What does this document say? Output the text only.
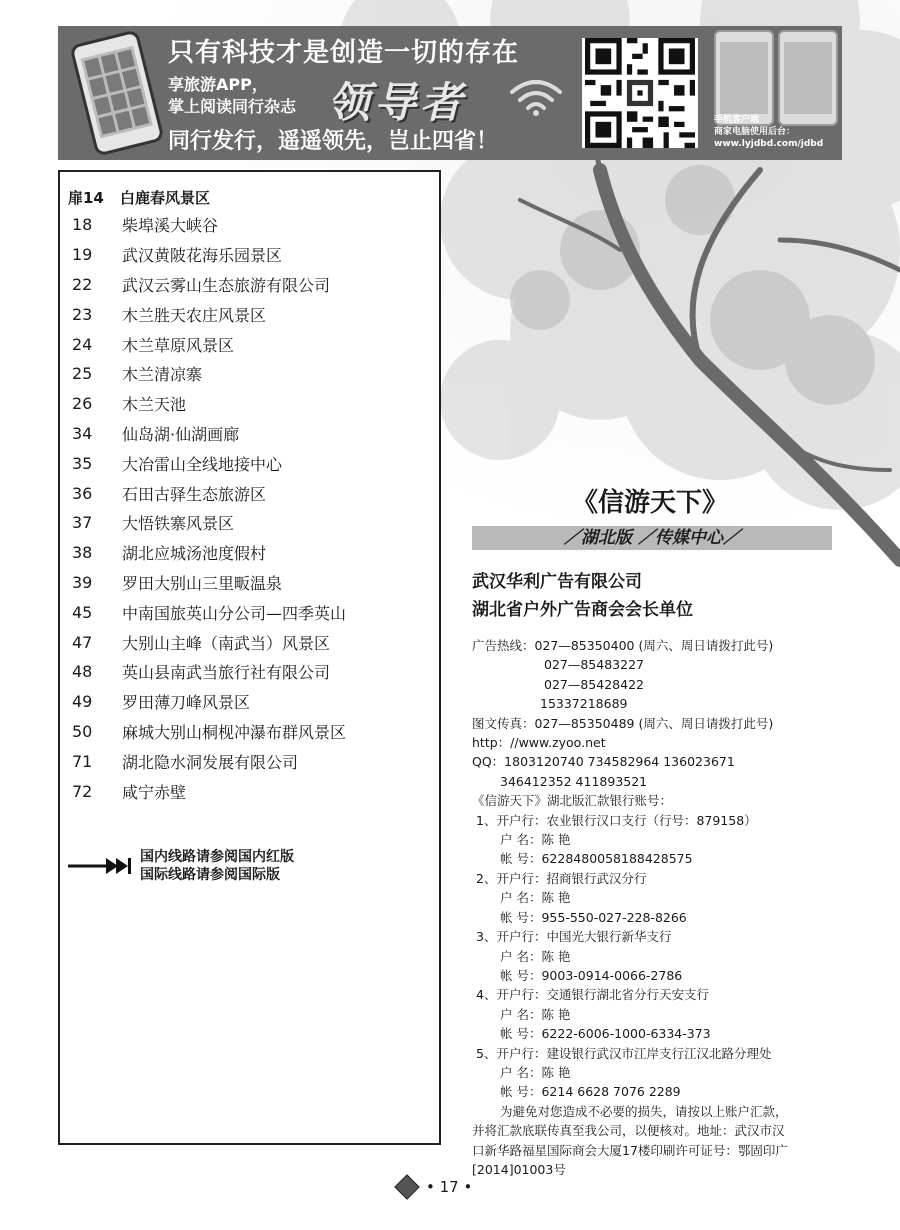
只有科技才是创造一切的存在
享旅游APP，
掌上阅读同行杂志 领导者
同行发行，遥遥领先，岂止四省！
手机客户端
商家电脑使用后台：
www.lyjdbd.com/jdbd
扉14	白鹿春风景区
18	柴埠溪大峡谷
19	武汉黄陂花海乐园景区
22	武汉云雾山生态旅游有限公司
23	木兰胜天农庄风景区
24	木兰草原风景区
25	木兰清凉寨
26	木兰天池
34	仙岛湖·仙湖画廊
35	大冶雷山全线地接中心
36	石田古驿生态旅游区
37	大悟铁寨风景区
38	湖北应城汤池度假村
39	罗田大别山三里畈温泉
45	中南国旅英山分公司—四季英山
47	大别山主峰（南武当）风景区
48	英山县南武当旅行社有限公司
49	罗田薄刀峰风景区
50	麻城大别山桐枧冲瀑布群风景区
71	湖北隐水洞发展有限公司
72	咸宁赤壁
国内线路请参阅国内红版
国际线路请参阅国际版
《信游天下》
／湖北版 ／传媒中心／
武汉华利广告有限公司
湖北省户外广告商会会长单位
广告热线：027—85350400 (周六、周日请拨打此号)
027—85483227
027—85428422
15337218689
图文传真：027—85350489 (周六、周日请拨打此号)
http：//www.zyoo.net
QQ：1803120740 734582964 136023671
346412352 411893521
《信游天下》湖北版汇款银行账号：
1、开户行：农业银行汉口支行（行号：879158）
户 名：陈 艳
帐 号：6228480058188428575
2、开户行：招商银行武汉分行
户 名：陈 艳
帐 号：955-550-027-228-8266
3、开户行：中国光大银行新华支行
户 名：陈 艳
帐 号：9003-0914-0066-2786
4、开户行：交通银行湖北省分行天安支行
户 名：陈 艳
帐 号：6222-6006-1000-6334-373
5、开户行：建设银行武汉市江岸支行江汉北路分理处
户 名：陈 艳
帐 号：6214 6628 7076 2289
为避免对您造成不必要的损失，请按以上账户汇款，
并将汇款底联传真至我公司，以便核对。地址：武汉市汉
口新华路福星国际商会大厦17楼印刷许可证号：鄂固印广
[2014]01003号
• 17 •
